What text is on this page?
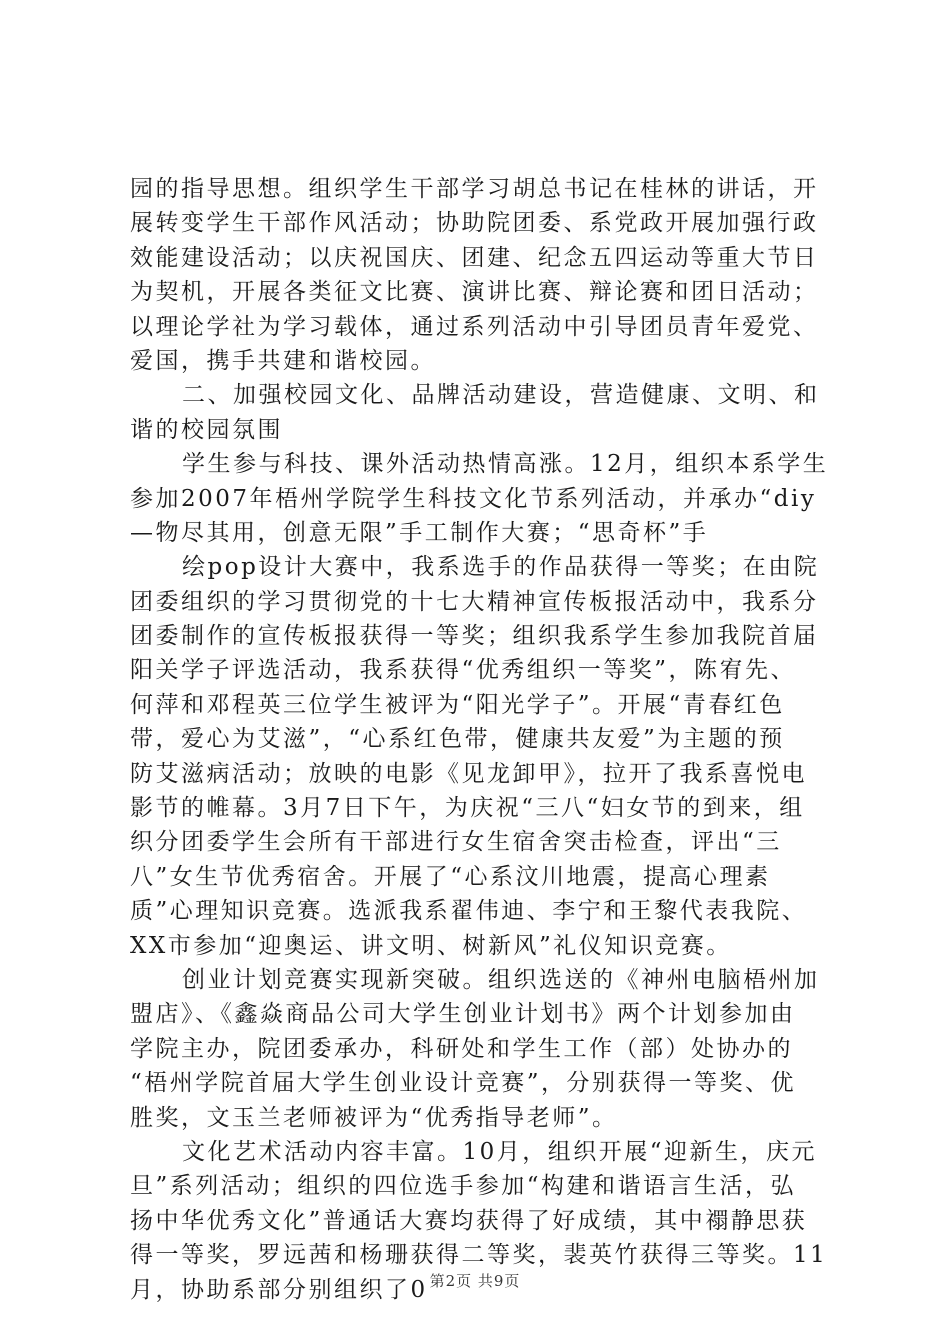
园的指导思想。组织学生干部学习胡总书记在桂林的讲话，开
展转变学生干部作风活动；协助院团委、系党政开展加强行政
效能建设活动；以庆祝国庆、团建、纪念五四运动等重大节日
为契机，开展各类征文比赛、演讲比赛、辩论赛和团日活动；
以理论学社为学习载体，通过系列活动中引导团员青年爱党、
爱国，携手共建和谐校园。
二、加强校园文化、品牌活动建设，营造健康、文明、和
谐的校园氛围
学生参与科技、课外活动热情高涨。12月，组织本系学生
参加2007年梧州学院学生科技文化节系列活动，并承办“diy
—物尽其用，创意无限”手工制作大赛；“思奇杯”手
绘pop设计大赛中，我系选手的作品获得一等奖；在由院
团委组织的学习贯彻党的十七大精神宣传板报活动中，我系分
团委制作的宣传板报获得一等奖；组织我系学生参加我院首届
阳关学子评选活动，我系获得“优秀组织一等奖”，陈宥先、
何萍和邓程英三位学生被评为“阳光学子”。开展“青春红色
带，爱心为艾滋”，“心系红色带，健康共友爱”为主题的预
防艾滋病活动；放映的电影《见龙卸甲》，拉开了我系喜悦电
影节的帷幕。3月7日下午，为庆祝“三八“妇女节的到来，组
织分团委学生会所有干部进行女生宿舍突击检查，评出“三
八”女生节优秀宿舍。开展了“心系汶川地震，提高心理素
质”心理知识竞赛。选派我系翟伟迪、李宁和王黎代表我院、
XX市参加“迎奥运、讲文明、树新风”礼仪知识竞赛。
创业计划竞赛实现新突破。组织选送的《神州电脑梧州加
盟店》、《鑫焱商品公司大学生创业计划书》两个计划参加由
学院主办，院团委承办，科研处和学生工作（部）处协办的
“梧州学院首届大学生创业设计竞赛”，分别获得一等奖、优
胜奖，文玉兰老师被评为“优秀指导老师”。
文化艺术活动内容丰富。10月，组织开展“迎新生，庆元
旦”系列活动；组织的四位选手参加“构建和谐语言生活，弘
扬中华优秀文化”普通话大赛均获得了好成绩，其中禤静思获
得一等奖，罗远茜和杨珊获得二等奖，裴英竹获得三等奖。11
月，协助系部分别组织了0 第2页 共9页
